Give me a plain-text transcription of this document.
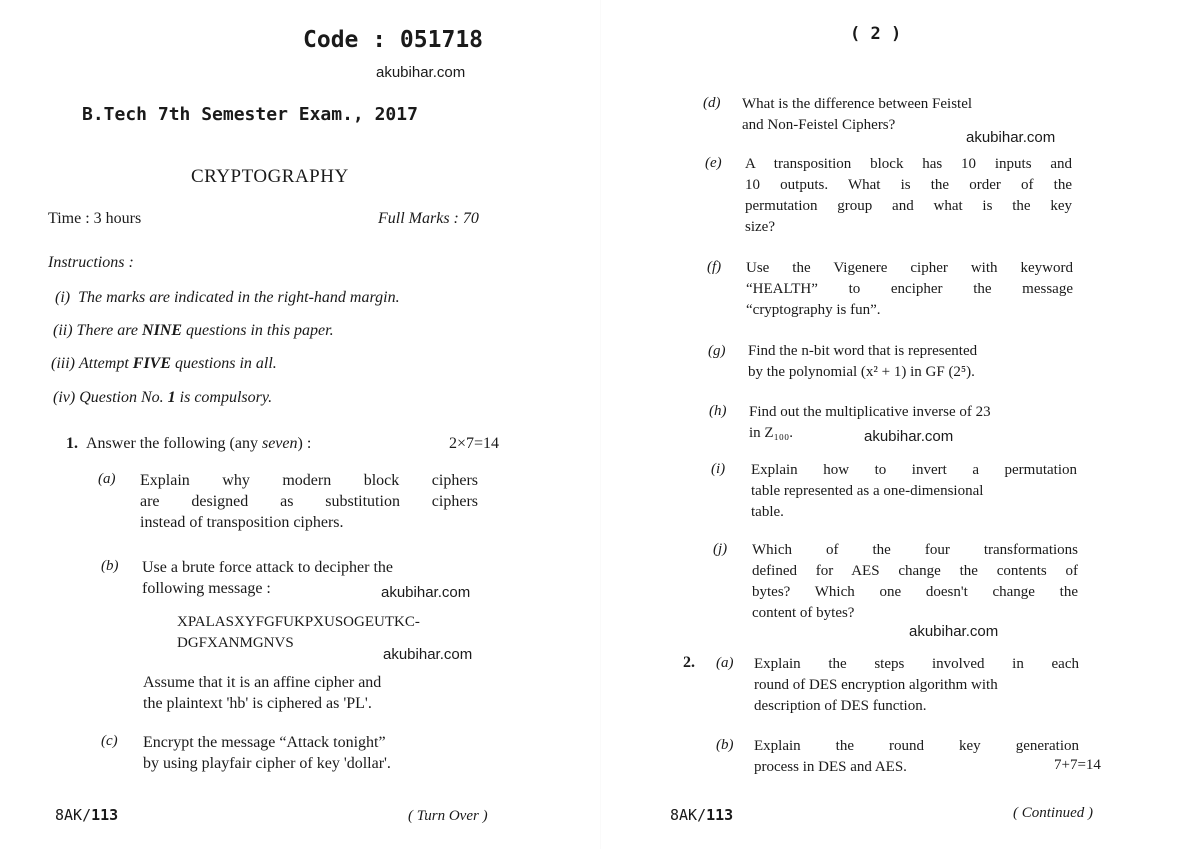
Code : 051718
akubihar.com
B.Tech 7th Semester Exam., 2017
CRYPTOGRAPHY
Time : 3 hours	Full Marks : 70
Instructions :
(i) The marks are indicated in the right-hand margin.
(ii) There are NINE questions in this paper.
(iii) Attempt FIVE questions in all.
(iv) Question No. 1 is compulsory.
1. Answer the following (any seven) :	2×7=14
(a) Explain why modern block ciphers
are designed as substitution ciphers
instead of transposition ciphers.
(b) Use a brute force attack to decipher the
following message :	akubihar.com
XPALASXYFGFUKPXUSOGEUTKC-
DGFXANMGNVS
akubihar.com
Assume that it is an affine cipher and
the plaintext 'hb' is ciphered as 'PL'.
(c) Encrypt the message “Attack tonight”
by using playfair cipher of key 'dollar'.
8AK/113	( Turn Over )
( 2 )
(d) What is the difference between Feistel
and Non-Feistel Ciphers?
akubihar.com
(e) A transposition block has 10 inputs and
10 outputs. What is the order of the
permutation group and what is the key
size?
(f) Use the Vigenere cipher with keyword
“HEALTH” to encipher the message
“cryptography is fun”.
(g) Find the n-bit word that is represented
by the polynomial (x² + 1) in GF (2⁵).
(h) Find out the multiplicative inverse of 23
in Z₁₀₀.	akubihar.com
(i) Explain how to invert a permutation
table represented as a one-dimensional
table.
(j) Which of the four transformations
defined for AES change the contents of
bytes? Which one doesn't change the
content of bytes?
akubihar.com
2. (a) Explain the steps involved in each
round of DES encryption algorithm with
description of DES function.
(b) Explain the round key generation
process in DES and AES.	7+7=14
8AK/113	( Continued )
